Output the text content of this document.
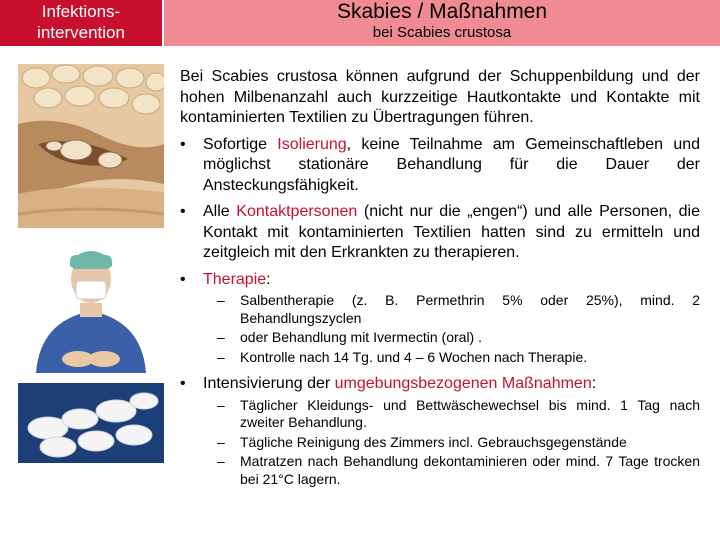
Infektions-
intervention
Skabies / Maßnahmen
bei Scabies crustosa

Bei Scabies crustosa können aufgrund der Schuppenbildung und der hohen Milbenanzahl auch kurzzeitige Hautkontakte und Kontakte mit kontaminierten Textilien zu Übertragungen führen.

• Sofortige Isolierung, keine Teilnahme am Gemeinschaftleben und möglichst stationäre Behandlung für die Dauer der Ansteckungsfähigkeit.
• Alle Kontaktpersonen (nicht nur die „engen“) und alle Personen, die Kontakt mit kontaminierten Textilien hatten sind zu ermitteln und zeitgleich mit den Erkrankten zu therapieren.
• Therapie:
– Salbentherapie (z. B. Permethrin 5% oder 25%), mind. 2 Behandlungszyclen
– oder Behandlung mit Ivermectin (oral) .
– Kontrolle nach 14 Tg. und 4 – 6 Wochen nach Therapie.
• Intensivierung der umgebungsbezogenen Maßnahmen:
– Täglicher Kleidungs- und Bettwäschewechsel bis mind. 1 Tag nach zweiter Behandlung.
– Tägliche Reinigung des Zimmers incl. Gebrauchsgegenstände
– Matratzen nach Behandlung dekontaminieren oder mind. 7 Tage trocken bei 21°C lagern.
